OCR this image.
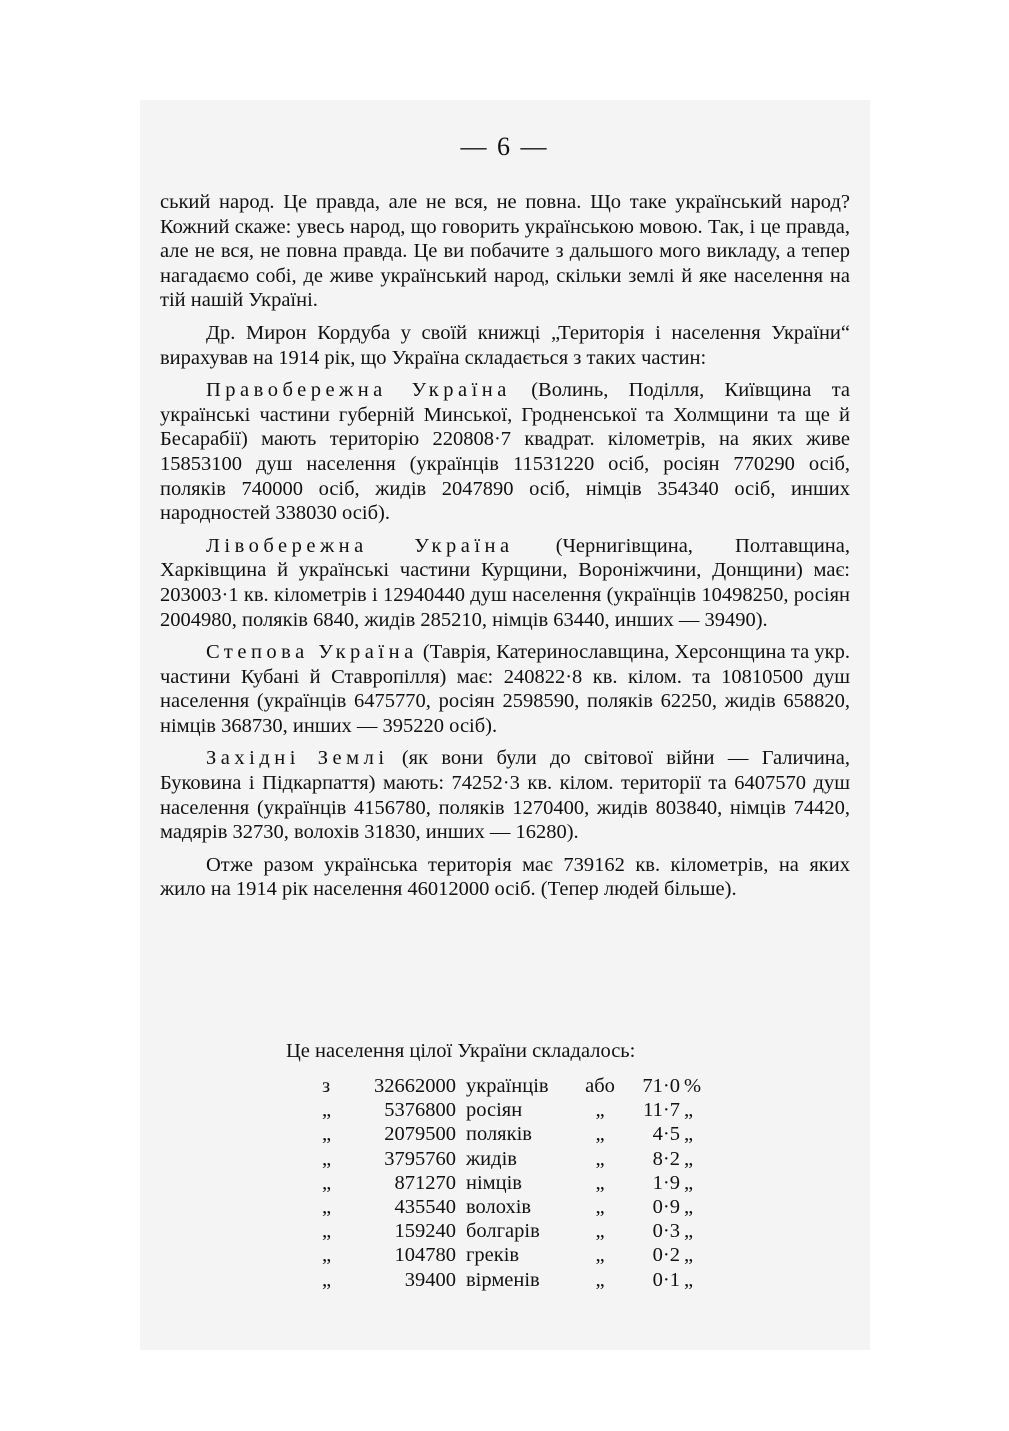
— 6 —

ський народ. Це правда, але не вся, не повна. Що таке український народ? Кожний скаже: увесь народ, що говорить українською мовою. Так, і це правда, але не вся, не повна правда. Це ви побачите з дальшого мого викладу, а тепер нагадаємо собі, де живе український народ, скільки землі й яке населення на тій нашій Україні.

Др. Мирон Кордуба у своїй книжці „Територія і населення України“ вирахував на 1914 рік, що Україна складається з таких частин:

Правобережна Україна (Волинь, Поділля, Київщина та українські частини губерній Минської, Гродненської та Холмщини та ще й Бесарабії) мають територію 220808·7 квадрат. кілометрів, на яких живе 15853100 душ населення (українців 11531220 осіб, росіян 770290 осіб, поляків 740000 осіб, жидів 2047890 осіб, німців 354340 осіб, инших народностей 338030 осіб).

Лівобережна Україна (Чернигівщина, Полтавщина, Харківщина й українські частини Курщини, Вороніжчини, Донщини) має: 203003·1 кв. кілометрів і 12940440 душ населення (українців 10498250, росіян 2004980, поляків 6840, жидів 285210, німців 63440, инших — 39490).

Степова Україна (Таврія, Катеринославщина, Херсонщина та укр. частини Кубані й Ставропілля) має: 240822·8 кв. кілом. та 10810500 душ населення (українців 6475770, росіян 2598590, поляків 62250, жидів 658820, німців 368730, инших — 395220 осіб).

Західні Землі (як вони були до світової війни — Галичина, Буковина і Підкарпаття) мають: 74252·3 кв. кілом. території та 6407570 душ населення (українців 4156780, поляків 1270400, жидів 803840, німців 74420, мадярів 32730, волохів 31830, инших — 16280).

Отже разом українська територія має 739162 кв. кілометрів, на яких жило на 1914 рік населення 46012000 осіб. (Тепер людей більше).

Це населення цілої України складалось:
з	32662000	українців	або	71·0	%
„	5376800	росіян	„	11·7	„
„	2079500	поляків	„	4·5	„
„	3795760	жидів	„	8·2	„
„	871270	німців	„	1·9	„
„	435540	волохів	„	0·9	„
„	159240	болгарів	„	0·3	„
„	104780	греків	„	0·2	„
„	39400	вірменів	„	0·1	„
